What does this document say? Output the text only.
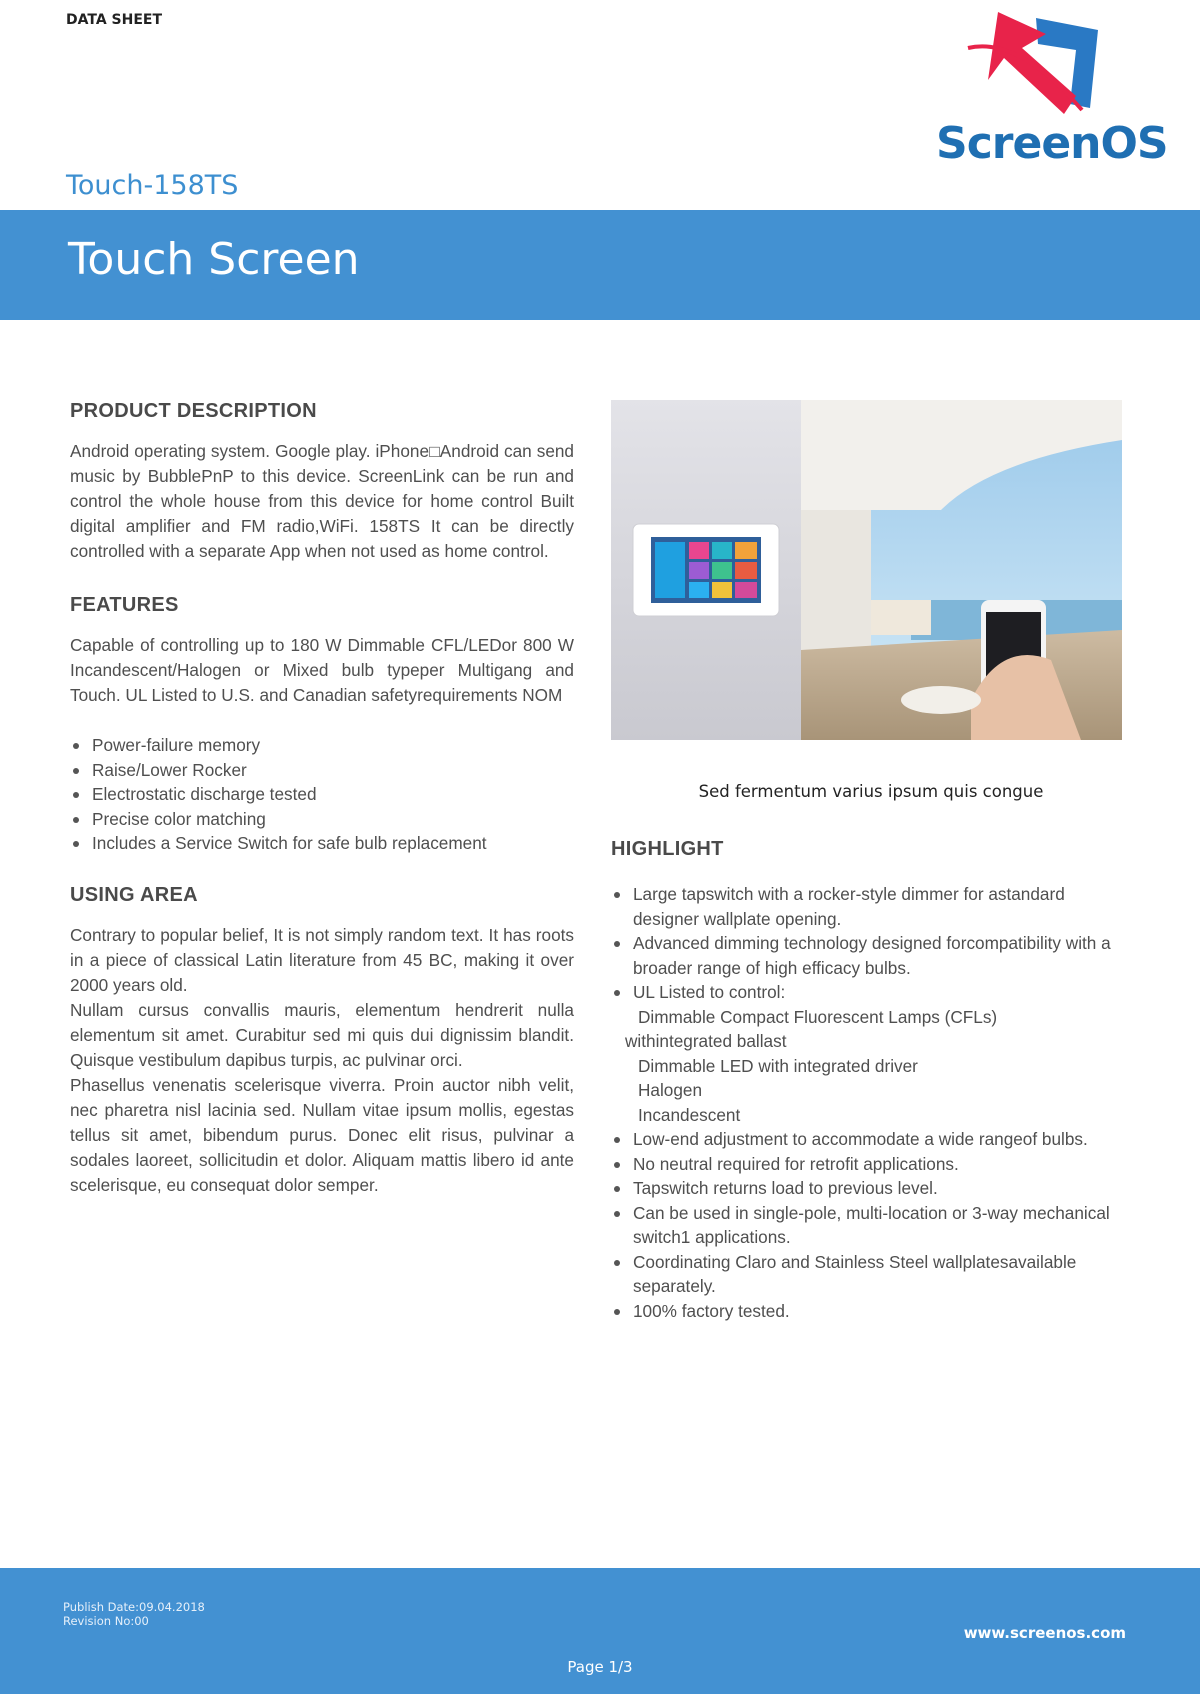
DATA SHEET
ScreenOS
Touch-158TS
Touch Screen
PRODUCT DESCRIPTION

Android operating system. Google play. iPhone□Android can send music by BubblePnP to this device. ScreenLink can be run and control the whole house from this device for home control Built digital amplifier and FM radio,WiFi. 158TS It can be directly controlled with a separate App when not used as home control.

FEATURES

Capable of controlling up to 180 W Dimmable CFL/LEDor 800 W Incandescent/Halogen or Mixed bulb typeper Multigang and Touch. UL Listed to U.S. and Canadian safetyrequirements NOM

Power-failure memory
Raise/Lower Rocker
Electrostatic discharge tested
Precise color matching
Includes a Service Switch for safe bulb replacement
USING AREA

Contrary to popular belief, It is not simply random text. It has roots in a piece of classical Latin literature from 45 BC, making it over 2000 years old.

Nullam cursus convallis mauris, elementum hendrerit nulla elementum sit amet. Curabitur sed mi quis dui dignissim blandit. Quisque vestibulum dapibus turpis, ac pulvinar orci.

Phasellus venenatis scelerisque viverra. Proin auctor nibh velit, nec pharetra nisl lacinia sed. Nullam vitae ipsum mollis, egestas tellus sit amet, bibendum purus. Donec elit risus, pulvinar a sodales laoreet, sollicitudin et dolor. Aliquam mattis libero id ante scelerisque, eu consequat dolor semper.

Sed fermentum varius ipsum quis congue
HIGHLIGHT
Large tapswitch with a rocker-style dimmer for astandard designer wallplate opening.
Advanced dimming technology designed forcompatibility with a broader range of high efficacy bulbs.
UL Listed to control:
Dimmable Compact Fluorescent Lamps (CFLs)
withintegrated ballast
Dimmable LED with integrated driver
Halogen
Incandescent
Low-end adjustment to accommodate a wide rangeof bulbs.
No neutral required for retrofit applications.
Tapswitch returns load to previous level.
Can be used in single-pole, multi-location or 3-way mechanical switch1 applications.
Coordinating Claro and Stainless Steel wallplatesavailable separately.
100% factory tested.
Publish Date:09.04.2018
Revision No:00
www.screenos.com
Page 1/3
